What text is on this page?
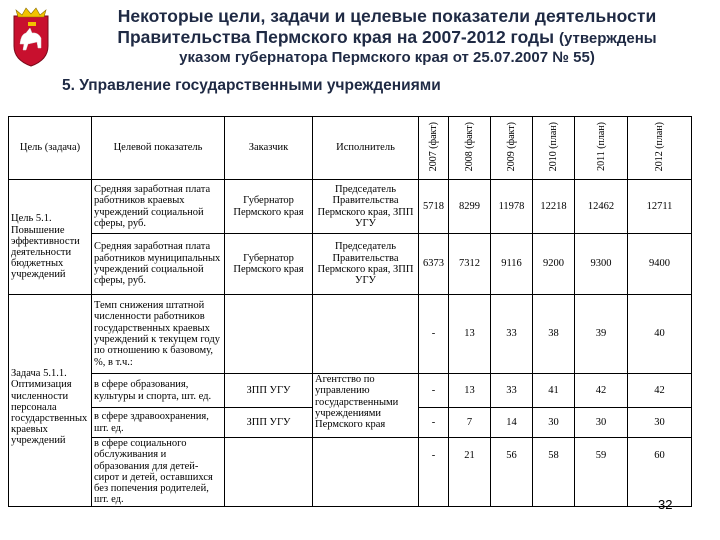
Некоторые цели, задачи и целевые показатели деятельности
Правительства Пермского края на 2007-2012 годы (утверждены
указом губернатора Пермского края от 25.07.2007 № 55)
5. Управление государственными учреждениями
Цель (задача)	Целевой показатель	Заказчик	Исполнитель	2007 (факт)	2008 (факт)	2009 (факт)	2010 (план)	2011 (план)	2012 (план)

Цель 5.1.
Повышение эффективности деятельности бюджетных учреждений	Средняя заработная плата работников краевых учреждений социальной сферы, руб.	Губернатор Пермского края	Председатель Правительства Пермского края, ЗПП УГУ	5718	8299	11978	12218	12462	12711
	Средняя заработная плата работников муниципальных учреждений социальной сферы, руб.	Губернатор Пермского края	Председатель Правительства Пермского края, ЗПП УГУ	6373	7312	9116	9200	9300	9400

Задача 5.1.1.
Оптимизация численности персонала государственных краевых учреждений	Темп снижения штатной численности работников государственных краевых учреждений к текущем году по отношению к базовому, %, в т.ч.:			-	13	33	38	39	40
	в сфере образования, культуры и спорта, шт. ед.	ЗПП УГУ	Агентство по управлению государственными учреждениями Пермского края	-	13	33	41	42	42
	в сфере здравоохранения, шт. ед.	ЗПП УГУ		-	7	14	30	30	30
	в сфере социального обслуживания и образования для детей-сирот и детей, оставшихся без попечения родителей, шт. ед.			-	21	56	58	59	60
32
